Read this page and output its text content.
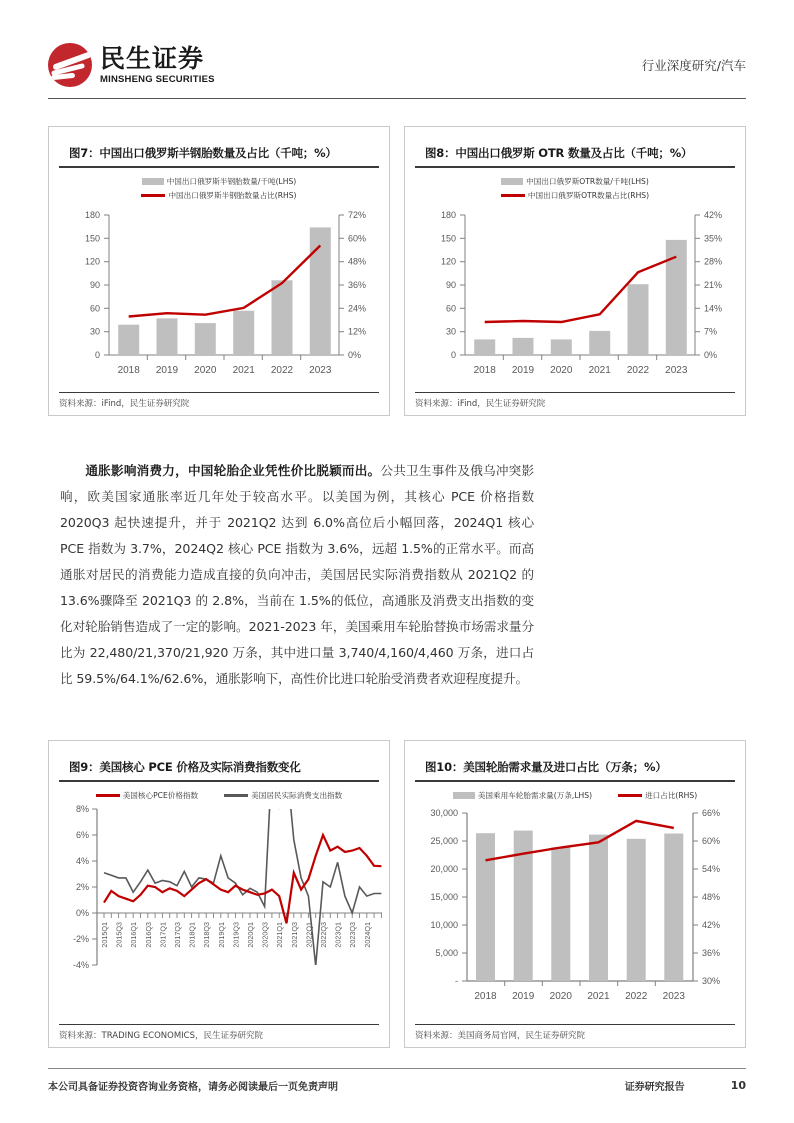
民生证券
MINSHENG SECURITIES
行业深度研究/汽车
图7：中国出口俄罗斯半钢胎数量及占比（千吨；%）
中国出口俄罗斯半钢胎数量/千吨(LHS)
中国出口俄罗斯半钢胎数量占比(RHS)
180
150
120
90
60
30
0
72%
60%
48%
36%
24%
12%
0%
2018 2019 2020 2021 2022 2023
资料来源：iFind，民生证券研究院
图8：中国出口俄罗斯 OTR 数量及占比（千吨；%）
中国出口俄罗斯OTR数量/千吨(LHS)
中国出口俄罗斯OTR数量占比(RHS)
180
150
120
90
60
30
0
42%
35%
28%
21%
14%
7%
0%
2018 2019 2020 2021 2022 2023
资料来源：iFind，民生证券研究院
通胀影响消费力，中国轮胎企业凭性价比脱颖而出。公共卫生事件及俄乌冲突影响，欧美国家通胀率近几年处于较高水平。以美国为例，其核心 PCE 价格指数 2020Q3 起快速提升，并于 2021Q2 达到 6.0%高位后小幅回落，2024Q1 核心 PCE 指数为 3.7%，2024Q2 核心 PCE 指数为 3.6%，远超 1.5%的正常水平。而高通胀对居民的消费能力造成直接的负向冲击，美国居民实际消费指数从 2021Q2 的 13.6%骤降至 2021Q3 的 2.8%，当前在 1.5%的低位，高通胀及消费支出指数的变化对轮胎销售造成了一定的影响。2021-2023 年，美国乘用车轮胎替换市场需求量分比为 22,480/21,370/21,920 万条，其中进口量 3,740/4,160/4,460 万条，进口占比 59.5%/64.1%/62.6%，通胀影响下，高性价比进口轮胎受消费者欢迎程度提升。
图9：美国核心 PCE 价格及实际消费指数变化
美国核心PCE价格指数	美国居民实际消费支出指数
8%
6%
4%
2%
0%
-2%
-4%
2015Q1 2015Q3 2016Q1 2016Q3 2017Q1 2017Q3 2018Q1 2018Q3 2019Q1 2019Q3 2020Q1 2020Q3 2021Q1 2021Q3 2022Q1 2022Q3 2023Q1 2023Q3 2024Q1
资料来源：TRADING ECONOMICS，民生证券研究院
图10：美国轮胎需求量及进口占比（万条；%）
美国乘用车轮胎需求量(万条,LHS)	进口占比(RHS)
30,000
25,000
20,000
15,000
10,000
5,000
-
66%
60%
54%
48%
42%
36%
30%
2018 2019 2020 2021 2022 2023
资料来源：美国商务局官网，民生证券研究院
本公司具备证券投资咨询业务资格，请务必阅读最后一页免责声明	证券研究报告	10
